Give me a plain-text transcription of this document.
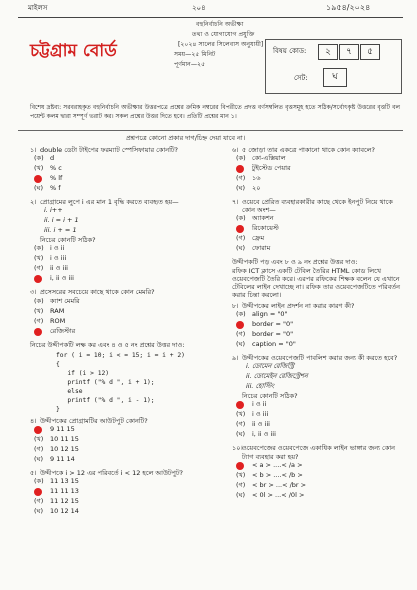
মাইলস	২০৪	১৯৫৪/২০২৪
চট্টগ্রাম বোর্ড
বহুনির্বাচনি অভীক্ষা
তথ্য ও যোগাযোগ প্রযুক্তি
[২০২৪ সালের সিলেবাস অনুযায়ী]
সময়—২৫ মিনিট
পূর্ণমান—২৫
বিষয় কোড:	২	৭	৫
সেট:	ঘ
বিশেষ দ্রষ্টব্য: সরবরাহকৃত বহুনির্বাচনি অভীক্ষার উত্তরপত্রে প্রশ্নের ক্রমিক নম্বরের বিপরীতে প্রদত্ত বর্ণসম্বলিত বৃত্তসমূহ হতে সঠিক/সর্বোৎকৃষ্ট উত্তরের বৃত্তটি বল পয়েন্ট কলম দ্বারা সম্পূর্ণ ভরাট কর। সকল প্রশ্নের উত্তর দিতে হবে। প্রতিটি প্রশ্নের মান ১।
প্রশ্নপত্রে কোনো প্রকার দাগ/চিহ্ন দেয়া যাবে না।
১। double ডেটা টাইপের ফরম্যাট স্পেসিফায়ার কোনটি?
(ক) d
(খ) % c
% lf
(ঘ) % f
২। প্রোগ্রামের লুপে i এর মান 1 বৃদ্ধি করতে ব্যবহৃত হয়—
i. i++
ii. i = i + 1
iii. i + = 1
নিচের কোনটি সঠিক?
(ক) i ও ii
(খ) i ও iii
(গ) ii ও iii
i, ii ও iii
৩। প্রসেসরের সবচেয়ে কাছে থাকে কোন মেমরি?
(ক) ক্যাশ মেমরি
(খ) RAM
(গ) ROM
রেজিস্টার
নিচের উদ্দীপকটি লক্ষ কর এবং ৪ ও ৫ নং প্রশ্নের উত্তর দাও:
for ( i = 10; i < = 15; i = i + 2)
{
if (i > 12)
printf ("% d ", i + 1);
else
printf ("% d ", i - 1);
}
৪। উদ্দীপকের প্রোগ্রামটির আউটপুট কোনটি?
9 11 15
(খ) 10 11 15
(গ) 10 12 15
(ঘ) 9 11 14
৫। উদ্দীপকে i > 12 এর পরিবর্তে i < 12 হলে আউটপুট?
(ক) 11 13 15
11 11 13
(গ) 11 12 15
(ঘ) 10 12 14
৬। ৫ জোড়া তার একত্রে পাকানো থাকে কোন ক্যাবলে?
(ক) কো-এক্সিয়াল
টুইস্টেড পেয়ার
(গ) ১৬
(ঘ) ২০
৭। ওয়েবে প্রেরিত ব্যবহারকারীর কাছে থেকে ইনপুট নিয়ে থাকে কোন অংশ—
(ক) অ্যাকশন
রিকোয়েস্ট
(গ) ফ্রেম
(ঘ) ফোরাম
উদ্দীপকটি পড় এবং ৮ ও ৯ নং প্রশ্নের উত্তর দাও:
রফিক ICT ক্লাসে একটি টেবিল তৈরির HTML কোড লিখে ওয়েবপেজটি তৈরি করে। এরপর রফিকের শিক্ষক বলেন যে এখানে টেবিলের লাইন দেখাচ্ছে না। রফিক তার ওয়েবপেজটিতে পরিবর্তন করার চিন্তা করলো।
৮। উদ্দীপকের লাইন প্রদর্শন না করার কারণ কী?
(ক) align = "0"
border = "0"
(গ) border = "0"
(ঘ) caption = "0"
৯। উদ্দীপকের ওয়েবপেজটি পাবলিশ করার জন্য কী করতে হবে?
i. ডোমেন রেজিস্ট্রি
ii. ডোমেইন রেজিস্ট্রেশন
iii. হোস্টিং
নিচের কোনটি সঠিক?
i ও ii
(খ) i ও iii
(গ) ii ও iii
(ঘ) i, ii ও iii
১০। ওয়েবপেজের ওয়েবপেজে একাধিক লাইন ভাঙ্গার জন্য কোন ট্যাগ ব্যবহার করা হয়?
< a > ....< /a >
(খ) < b > ....< /b >
(গ) < br > ...< /br >
(ঘ) < 0l > ...< /0l >
